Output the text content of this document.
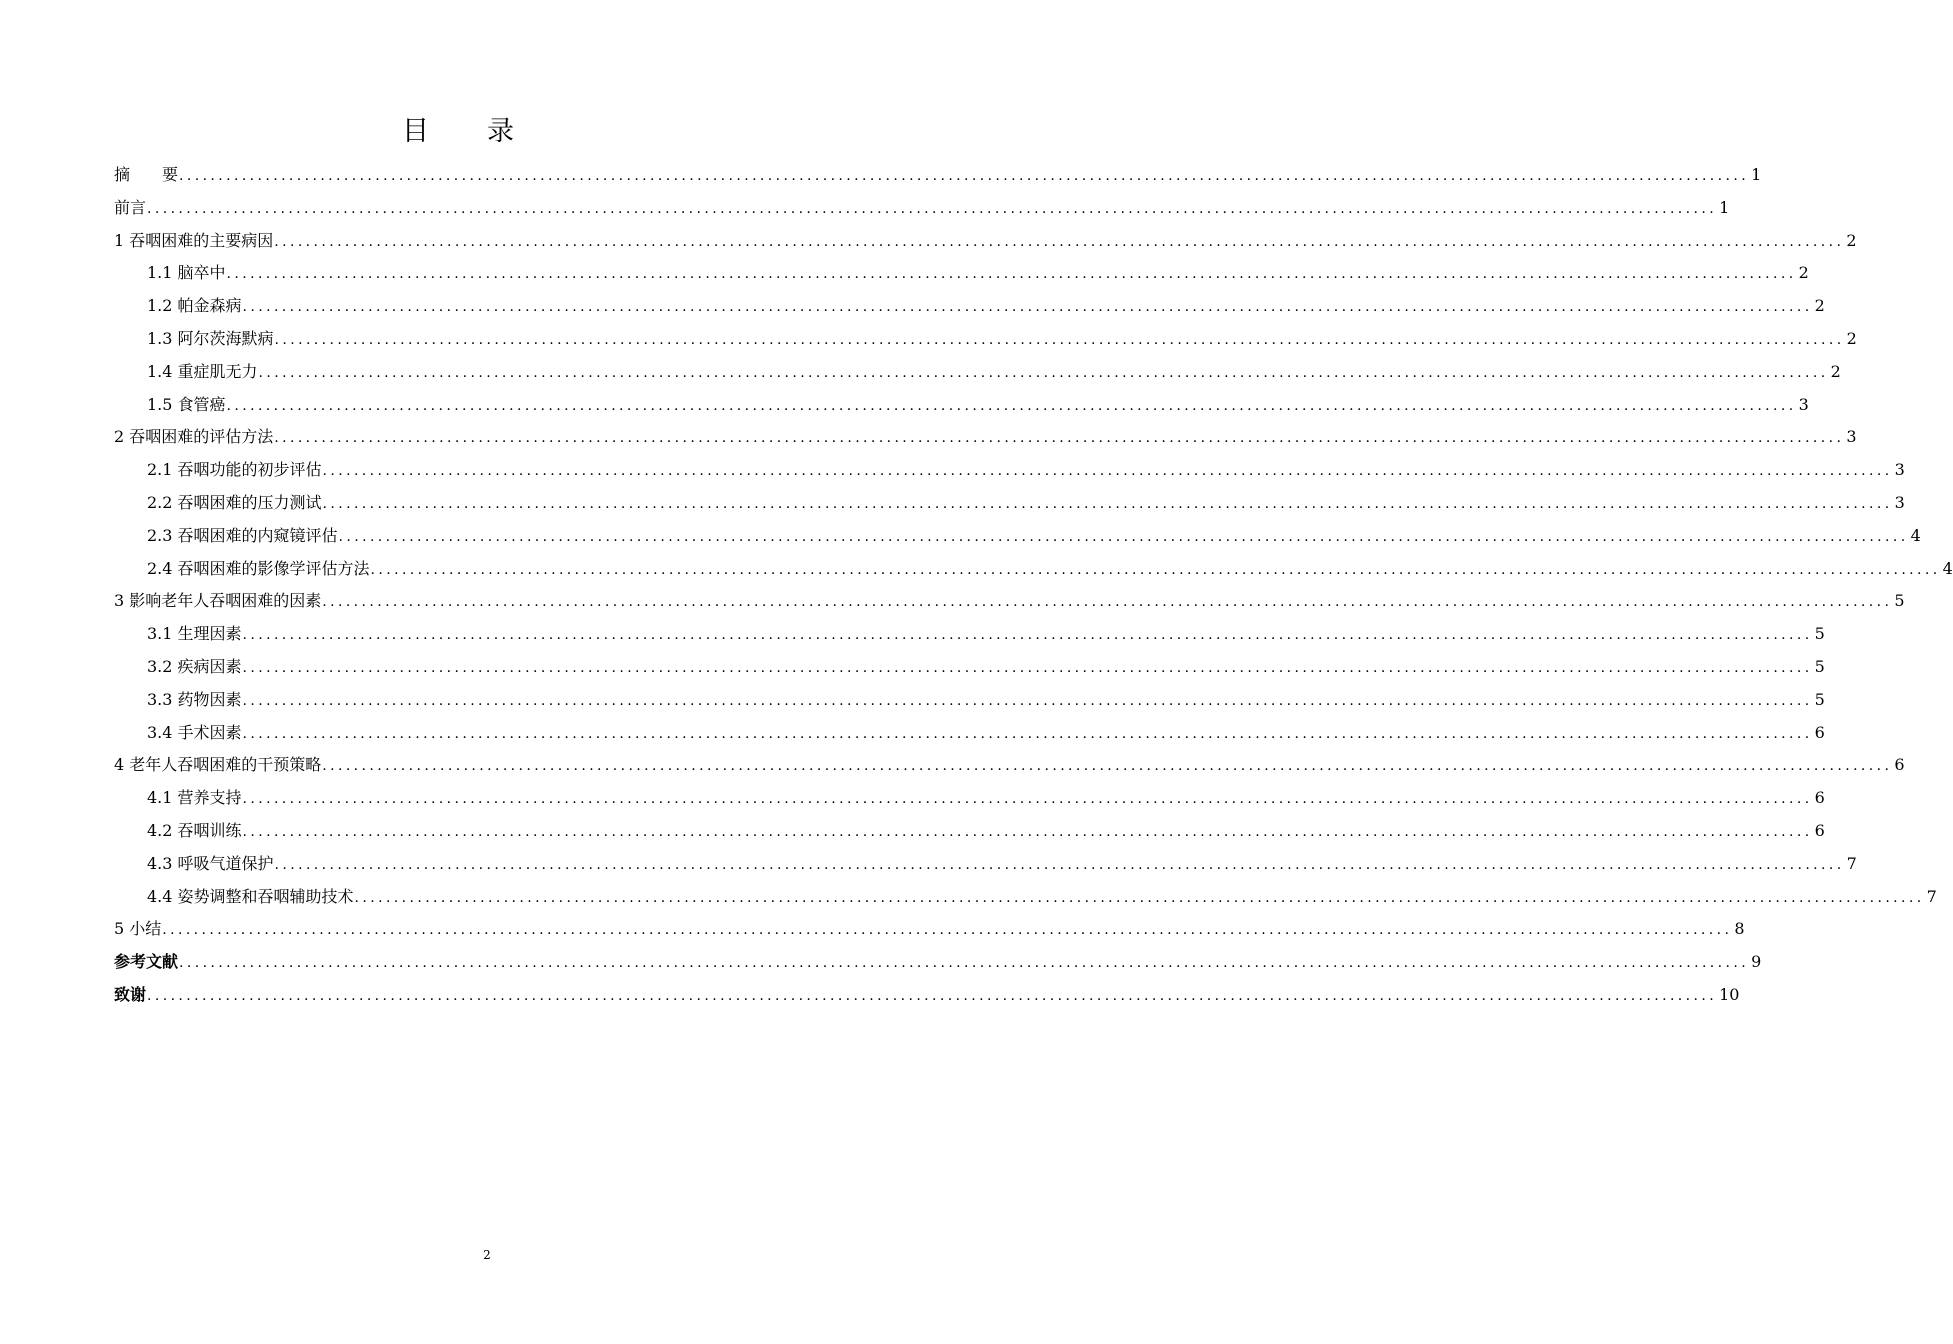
目录
摘　　要 ........................................................................................................................................................................................................ 1
前言 ........................................................................................................................................................................................................ 1
1 吞咽困难的主要病因 ........................................................................................................................................................................................................ 2
1.1 脑卒中 ........................................................................................................................................................................................................ 2
1.2 帕金森病 ........................................................................................................................................................................................................ 2
1.3 阿尔茨海默病 ........................................................................................................................................................................................................ 2
1.4 重症肌无力 ........................................................................................................................................................................................................ 2
1.5 食管癌 ........................................................................................................................................................................................................ 3
2 吞咽困难的评估方法 ........................................................................................................................................................................................................ 3
2.1 吞咽功能的初步评估 ........................................................................................................................................................................................................ 3
2.2 吞咽困难的压力测试 ........................................................................................................................................................................................................ 3
2.3 吞咽困难的内窥镜评估 ........................................................................................................................................................................................................ 4
2.4 吞咽困难的影像学评估方法 ........................................................................................................................................................................................................ 4
3 影响老年人吞咽困难的因素 ........................................................................................................................................................................................................ 5
3.1 生理因素 ........................................................................................................................................................................................................ 5
3.2 疾病因素 ........................................................................................................................................................................................................ 5
3.3 药物因素 ........................................................................................................................................................................................................ 5
3.4 手术因素 ........................................................................................................................................................................................................ 6
4 老年人吞咽困难的干预策略 ........................................................................................................................................................................................................ 6
4.1 营养支持 ........................................................................................................................................................................................................ 6
4.2 吞咽训练 ........................................................................................................................................................................................................ 6
4.3 呼吸气道保护 ........................................................................................................................................................................................................ 7
4.4 姿势调整和吞咽辅助技术 ........................................................................................................................................................................................................ 7
5 小结 ........................................................................................................................................................................................................ 8
参考文献 ........................................................................................................................................................................................................ 9
致谢 ........................................................................................................................................................................................................ 10
2
